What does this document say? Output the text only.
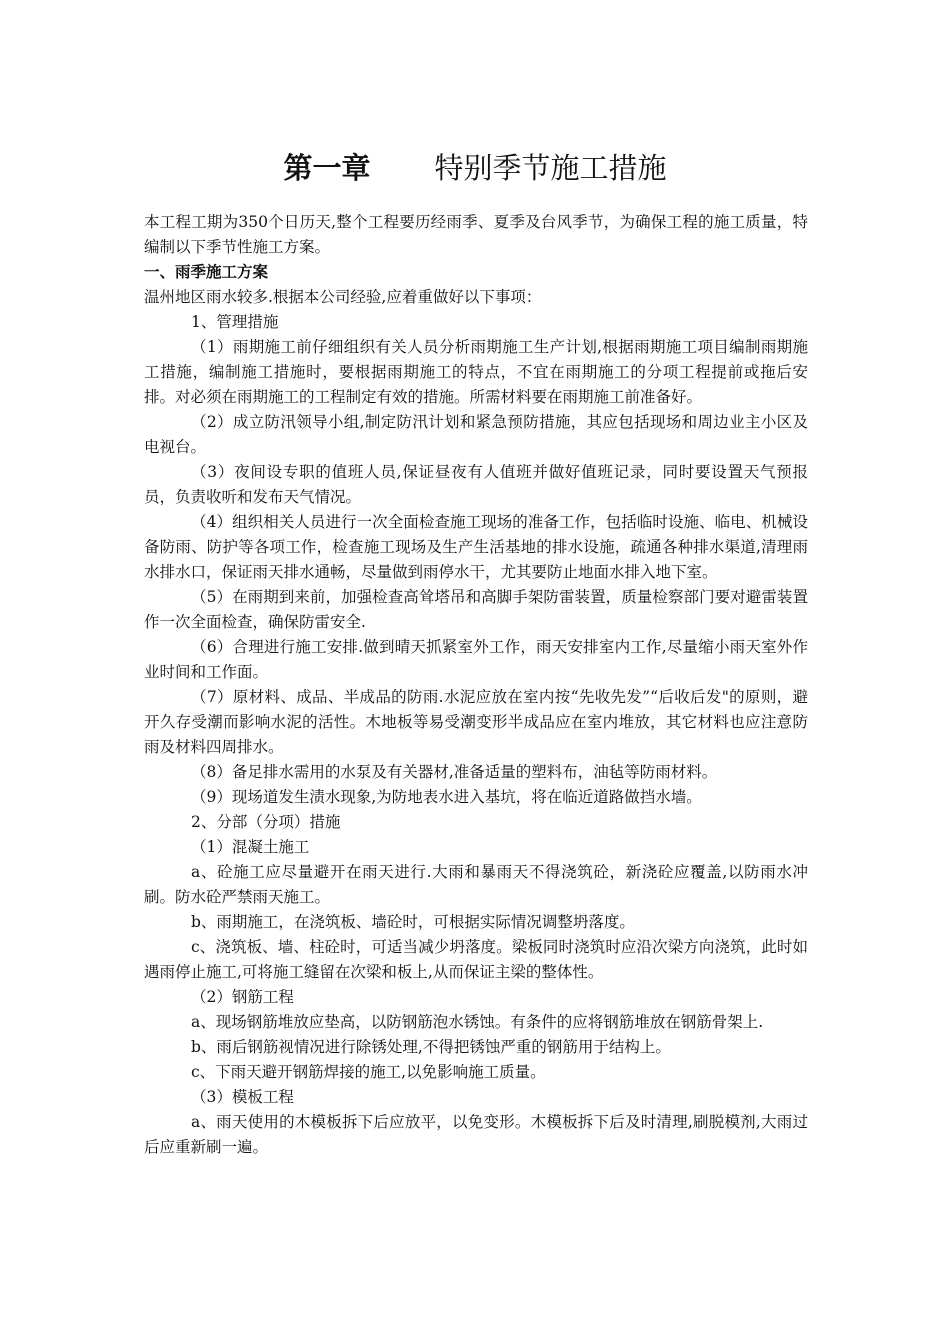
第一章 特别季节施工措施

本工程工期为350个日历天,整个工程要历经雨季、夏季及台风季节，为确保工程的施工质量，特编制以下季节性施工方案。

一、雨季施工方案

温州地区雨水较多.根据本公司经验,应着重做好以下事项：

1、管理措施

（1）雨期施工前仔细组织有关人员分析雨期施工生产计划,根据雨期施工项目编制雨期施工措施，编制施工措施时，要根据雨期施工的特点，不宜在雨期施工的分项工程提前或拖后安排。对必须在雨期施工的工程制定有效的措施。所需材料要在雨期施工前准备好。

（2）成立防汛领导小组,制定防汛计划和紧急预防措施，其应包括现场和周边业主小区及电视台。

（3）夜间设专职的值班人员,保证昼夜有人值班并做好值班记录，同时要设置天气预报员，负责收听和发布天气情况。

（4）组织相关人员进行一次全面检查施工现场的准备工作，包括临时设施、临电、机械设备防雨、防护等各项工作，检查施工现场及生产生活基地的排水设施，疏通各种排水渠道,清理雨水排水口，保证雨天排水通畅，尽量做到雨停水干，尤其要防止地面水排入地下室。

（5）在雨期到来前，加强检查高耸塔吊和高脚手架防雷装置，质量检察部门要对避雷装置作一次全面检查，确保防雷安全.

（6）合理进行施工安排.做到晴天抓紧室外工作，雨天安排室内工作,尽量缩小雨天室外作业时间和工作面。

（7）原材料、成品、半成品的防雨.水泥应放在室内按“先收先发”“后收后发"的原则，避开久存受潮而影响水泥的活性。木地板等易受潮变形半成品应在室内堆放，其它材料也应注意防雨及材料四周排水。

（8）备足排水需用的水泵及有关器材,准备适量的塑料布，油毡等防雨材料。

（9）现场道发生渍水现象,为防地表水进入基坑，将在临近道路做挡水墙。

2、分部（分项）措施

（1）混凝土施工

a、砼施工应尽量避开在雨天进行.大雨和暴雨天不得浇筑砼，新浇砼应覆盖,以防雨水冲刷。防水砼严禁雨天施工。

b、雨期施工，在浇筑板、墙砼时，可根据实际情况调整坍落度。

c、浇筑板、墙、柱砼时，可适当减少坍落度。梁板同时浇筑时应沿次梁方向浇筑，此时如遇雨停止施工,可将施工缝留在次梁和板上,从而保证主梁的整体性。

（2）钢筋工程

a、现场钢筋堆放应垫高，以防钢筋泡水锈蚀。有条件的应将钢筋堆放在钢筋骨架上.

b、雨后钢筋视情况进行除锈处理,不得把锈蚀严重的钢筋用于结构上。

c、下雨天避开钢筋焊接的施工,以免影响施工质量。

（3）模板工程

a、雨天使用的木模板拆下后应放平，以免变形。木模板拆下后及时清理,刷脱模剂,大雨过后应重新刷一遍。
